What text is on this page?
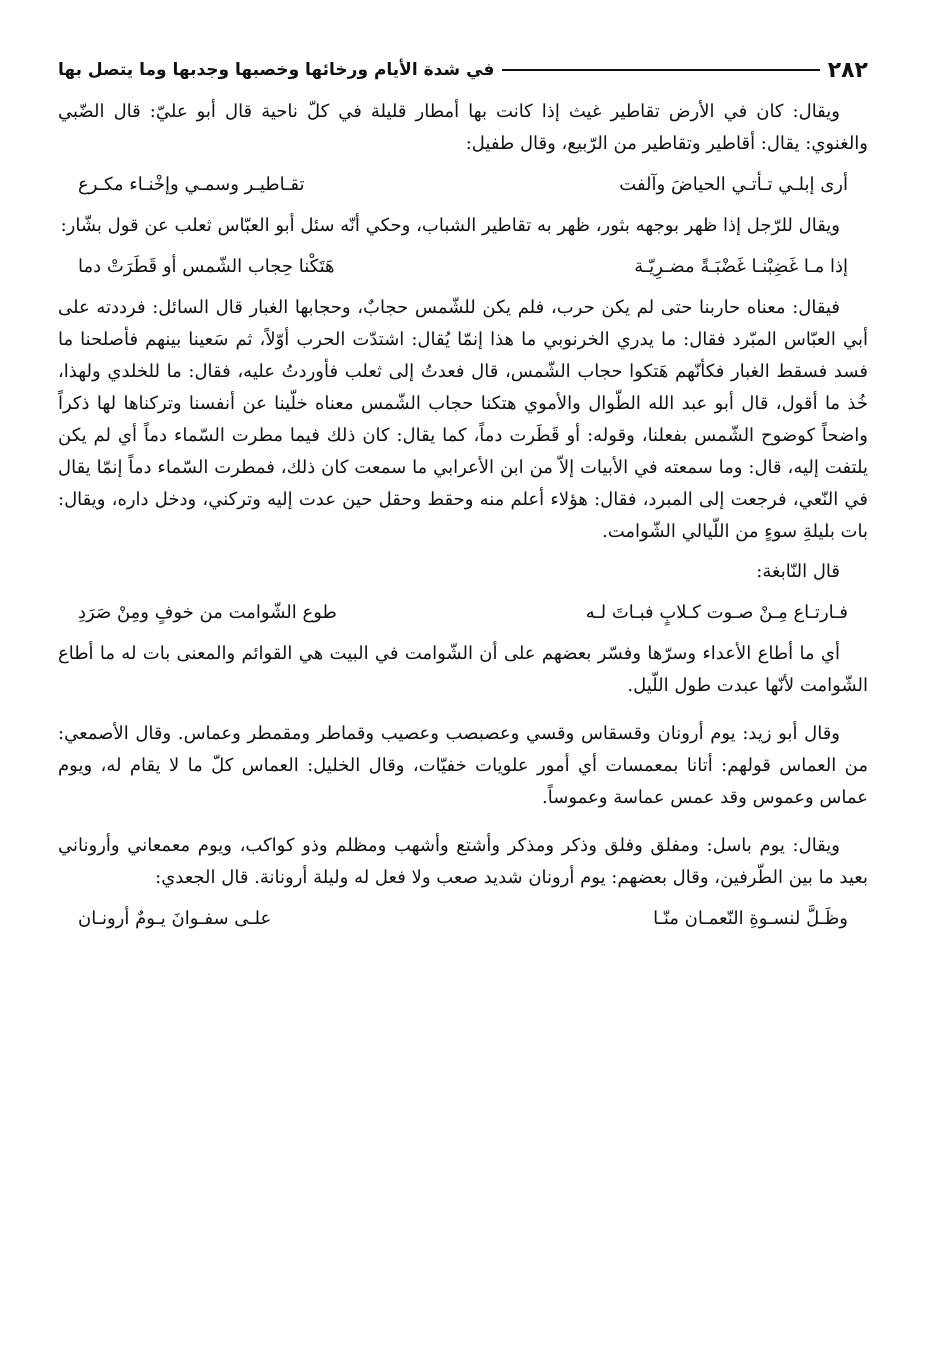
٢٨٢
في شدة الأيام ورخائها وخصبها وجدبها وما يتصل بها

ويقال: كان في الأرض تقاطير غيث إذا كانت بها أمطار قليلة في كلّ ناحية قال أبو عليّ: قال الضّبي والغنوي: يقال: أقاطير وتقاطير من الرّبيع، وقال طفيل:

أرى إبلـي تـأتـي الحياضَ وآلفت
تقـاطيـر وسمـي وإخْنـاء مكـرع

ويقال للرّجل إذا ظهر بوجهه بثور، ظهر به تقاطير الشباب، وحكي أنّه سئل أبو العبّاس ثعلب عن قول بشّار:

إذا مـا غَضِبْنـا غَضْبَـةً مضـرِيّـة
هَتَكْنا حِجاب الشّمس أو قَطَرَتْ دما

فيقال: معناه حاربنا حتى لم يكن حرب، فلم يكن للشّمس حجابٌ، وحجابها الغبار قال السائل: فرددته على أبي العبّاس المبّرد فقال: ما يدري الخرنوبي ما هذا إنمّا يُقال: اشتدّت الحرب أوّلاً، ثم سَعينا بينهم فأصلحنا ما فسد فسقط الغبار فكأنّهم هَتكوا حجاب الشّمس، قال فعدتُ إلى ثعلب فأوردتُ عليه، فقال: ما للخلدي ولهذا، خُذ ما أقول، قال أبو عبد الله الطّوال والأموي هتكنا حجاب الشّمس معناه خلّينا عن أنفسنا وتركناها لها ذكراً واضحاً كوضوح الشّمس بفعلنا، وقوله: أو قَطَرت دماً، كما يقال: كان ذلك فيما مطرت السّماء دماً أي لم يكن يلتفت إليه، قال: وما سمعته في الأبيات إلاّ من ابن الأعرابي ما سمعت كان ذلك، فمطرت السّماء دماً إنمّا يقال في النّعي، فرجعت إلى المبرد، فقال: هؤلاء أعلم منه وحقط وحقل حين عدت إليه وتركني، ودخل داره، ويقال: بات بليلةِ سوءٍ من اللّيالي الشّوامت.

قال النّابغة:

فـارتـاع مِـنْ صـوت كـلابٍ فبـاتَ لـه
طوع الشّوامت من خوفٍ ومِنْ صَرَدِ

أي ما أطاع الأعداء وسرّها وفسّر بعضهم على أن الشّوامت في البيت هي القوائم والمعنى بات له ما أطاع الشّوامت لأنّها عبدت طول اللّيل.

وقال أبو زيد: يوم أرونان وقسقاس وقسي وعصبصب وعصيب وقماطر ومقمطر وعماس. وقال الأصمعي: من العماس قولهم: أتانا بمعمسات أي أمور علويات خفيّات، وقال الخليل: العماس كلّ ما لا يقام له، ويوم عماس وعموس وقد عمس عماسة وعموساً.

ويقال: يوم باسل: ومفلق وفلق وذكر ومذكر وأشتع وأشهب ومظلم وذو كواكب، ويوم معمعاني وأروناني بعيد ما بين الطّرفين، وقال بعضهم: يوم أرونان شديد صعب ولا فعل له وليلة أرونانة. قال الجعدي:

وظَـلَّ لنسـوةِ النّعمـان منّـا
علـى سفـوانَ يـومٌ أرونـان
